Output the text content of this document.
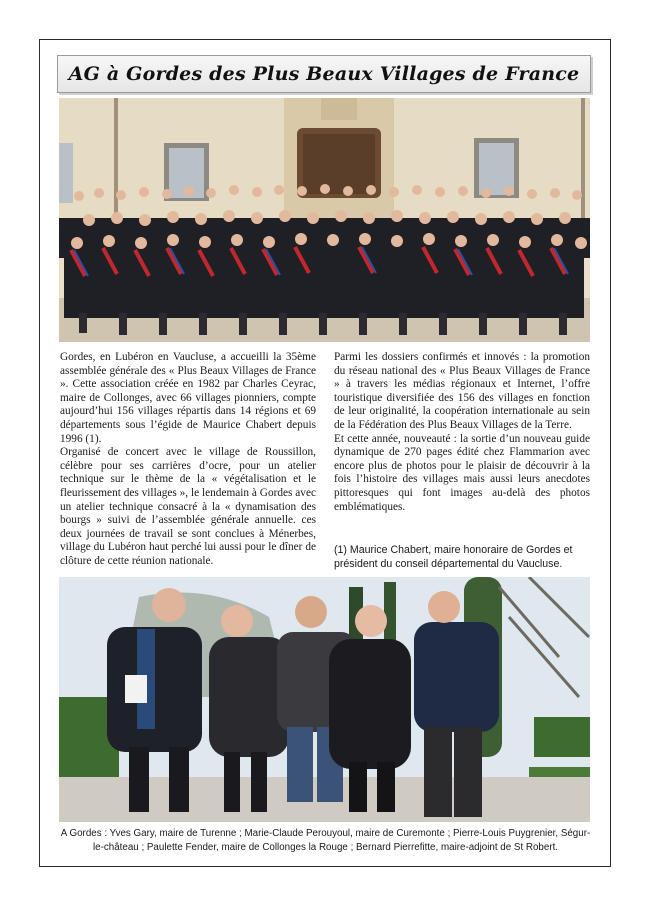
AG à Gordes des Plus Beaux Villages de France

Gordes, en Lubéron en Vaucluse, a accueilli la 35ème assemblée générale des « Plus Beaux Villages de France ». Cette association créée en 1982 par Charles Ceyrac, maire de Collonges, avec 66 villages pionniers, compte aujourd’hui 156 villages répartis dans 14 régions et 69 départements sous l’égide de Maurice Chabert depuis 1996 (1).

Organisé de concert avec le village de Roussillon, célèbre pour ses carrières d’ocre, pour un atelier technique sur le thème de la « végétalisation et le fleurissement des villages », le lendemain à Gordes avec un atelier technique consacré à la « dynamisation des bourgs » suivi de l’assemblée générale annuelle. ces deux journées de travail se sont conclues à Ménerbes, village du Lubéron haut perché lui aussi pour le dîner de clôture de cette réunion nationale.

Parmi les dossiers confirmés et innovés : la promotion du réseau national des « Plus Beaux Villages de France » à travers les médias régionaux et Internet, l’offre touristique diversifiée des 156 des villages en fonction de leur originalité, la coopération internationale au sein de la Fédération des Plus Beaux Villages de la Terre.

Et cette année, nouveauté : la sortie d’un nouveau guide dynamique de 270 pages édité chez Flammarion avec encore plus de photos pour le plaisir de découvrir à la fois l’histoire des villages mais aussi leurs anecdotes pittoresques qui font images au-delà des photos emblématiques.

(1) Maurice Chabert, maire honoraire de Gordes et président du conseil départemental du Vaucluse.
A Gordes : Yves Gary, maire de Turenne ; Marie-Claude Perouyoul, maire de Curemonte ; Pierre-Louis Puygrenier, Ségur-le-château ; Paulette Fender, maire de Collonges la Rouge ; Bernard Pierrefitte, maire-adjoint de St Robert.
